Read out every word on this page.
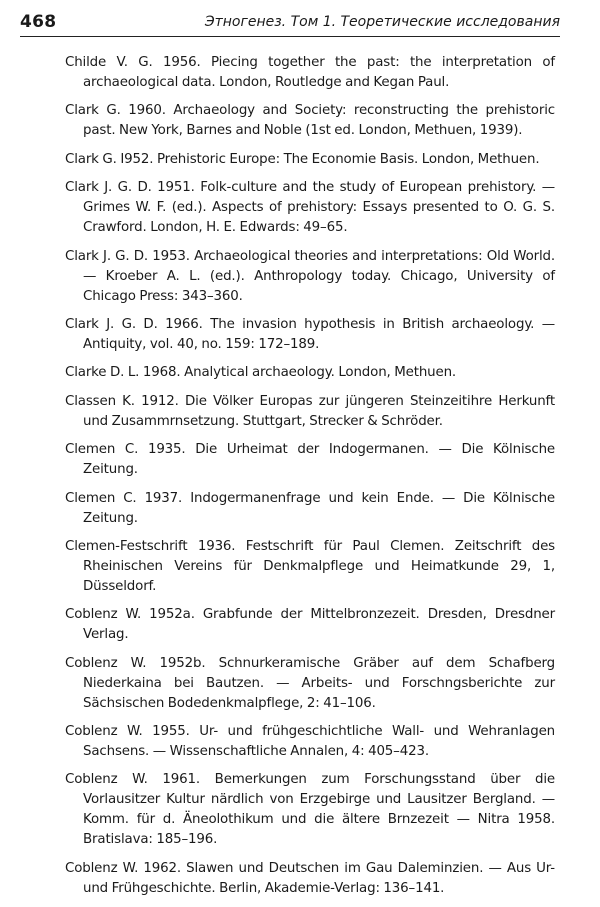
468	Этногенез. Том 1. Теоретические исследования
Childe V. G. 1956. Piecing together the past: the interpretation of archaeological data. London, Routledge and Kegan Paul.
Clark G. 1960. Archaeology and Society: reconstructing the prehistoric past. New York, Barnes and Noble (1st ed. London, Methuen, 1939).
Clark G. I952. Prehistoric Europe: The Economie Basis. London, Methuen.
Clark J. G. D. 1951. Folk-culture and the study of European prehistory. — Grimes W. F. (ed.). Aspects of prehistory: Essays presented to O. G. S. Crawford. London, H. E. Edwards: 49–65.
Clark J. G. D. 1953. Archaeological theories and interpretations: Old World. — Kroeber A. L. (ed.). Anthropology today. Chicago, University of Chicago Press: 343–360.
Clark J. G. D. 1966. The invasion hypothesis in British archaeology. — Antiquity, vol. 40, no. 159: 172–189.
Clarke D. L. 1968. Analytical archaeology. London, Methuen.
Classen K. 1912. Die Völker Europas zur jüngeren Steinzeitihre Herkunft und Zusammrnsetzung. Stuttgart, Strecker & Schröder.
Clemen C. 1935. Die Urheimat der Indogermanen. — Die Kölnische Zeitung.
Clemen C. 1937. Indogermanenfrage und kein Ende. — Die Kölnische Zeitung.
Clemen-Festschrift 1936. Festschrift für Paul Clemen. Zeitschrift des Rheinischen Vereins für Denkmalpflege und Heimatkunde 29, 1, Düsseldorf.
Coblenz W. 1952a. Grabfunde der Mittelbronzezeit. Dresden, Dresdner Verlag.
Coblenz W. 1952b. Schnurkeramische Gräber auf dem Schafberg Niederkaina bei Bautzen. — Arbeits- und Forschngsberichte zur Sächsischen Bodedenkmalpflege, 2: 41–106.
Coblenz W. 1955. Ur- und frühgeschichtliche Wall- und Wehranlagen Sachsens. — Wissenschaftliche Annalen, 4: 405–423.
Coblenz W. 1961. Bemerkungen zum Forschungsstand über die Vorlausitzer Kultur närdlich von Erzgebirge und Lausitzer Bergland. — Komm. für d. Äneolothikum und die ältere Brnzezeit — Nitra 1958. Bratislava: 185–196.
Coblenz W. 1962. Slawen und Deutschen im Gau Daleminzien. — Aus Ur- und Frühgeschichte. Berlin, Akademie-Verlag: 136–141.
